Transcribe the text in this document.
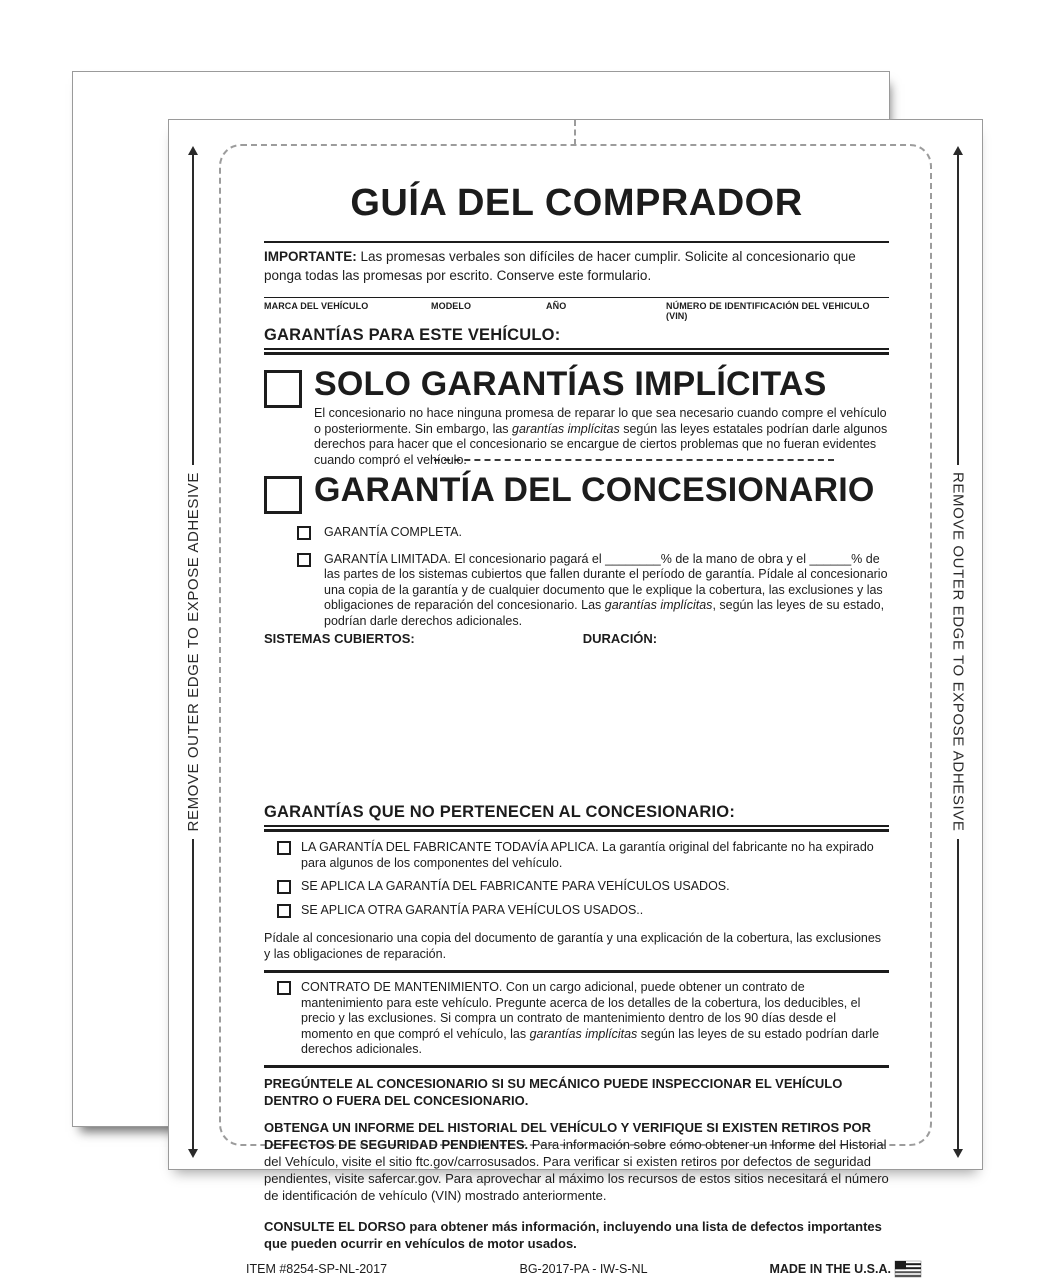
REMOVE OUTER EDGE TO EXPOSE ADHESIVE	REMOVE OUTER EDGE TO EXPOSE ADHESIVE
GUÍA DEL COMPRADOR

IMPORTANTE: Las promesas verbales son difíciles de hacer cumplir. Solicite al concesionario que ponga todas las promesas por escrito. Conserve este formulario.

MARCA DEL VEHÍCULO	MODELO	AÑO	NÚMERO DE IDENTIFICACIÓN DEL VEHICULO (VIN)
GARANTÍAS PARA ESTE VEHÍCULO:
SOLO GARANTÍAS IMPLÍCITAS

El concesionario no hace ninguna promesa de reparar lo que sea necesario cuando compre el vehículo o posteriormente. Sin embargo, las garantías implícitas según las leyes estatales podrían darle algunos derechos para hacer que el concesionario se encargue de ciertos problemas que no fueran evidentes cuando compró el vehículo.

GARANTÍA DEL CONCESIONARIO
GARANTÍA COMPLETA.
GARANTÍA LIMITADA. El concesionario pagará el ________% de la mano de obra y el ______% de las partes de los sistemas cubiertos que fallen durante el período de garantía. Pídale al concesionario una copia de la garantía y de cualquier documento que le explique la cobertura, las exclusiones y las obligaciones de reparación del concesionario. Las garantías implícitas, según las leyes de su estado, podrían darle derechos adicionales.
SISTEMAS CUBIERTOS:	DURACIÓN:
GARANTÍAS QUE NO PERTENECEN AL CONCESIONARIO:
LA GARANTÍA DEL FABRICANTE TODAVÍA APLICA. La garantía original del fabricante no ha expirado para algunos de los componentes del vehículo.
SE APLICA LA GARANTÍA DEL FABRICANTE PARA VEHÍCULOS USADOS.
SE APLICA OTRA GARANTÍA PARA VEHÍCULOS USADOS..

Pídale al concesionario una copia del documento de garantía y una explicación de la cobertura, las exclusiones y las obligaciones de reparación.

CONTRATO DE MANTENIMIENTO. Con un cargo adicional, puede obtener un contrato de mantenimiento para este vehículo. Pregunte acerca de los detalles de la cobertura, los deducibles, el precio y las exclusiones. Si compra un contrato de mantenimiento dentro de los 90 días desde el momento en que compró el vehículo, las garantías implícitas según las leyes de su estado podrían darle derechos adicionales.

PREGÚNTELE AL CONCESIONARIO SI SU MECÁNICO PUEDE INSPECCIONAR EL VEHÍCULO DENTRO O FUERA DEL CONCESIONARIO.

OBTENGA UN INFORME DEL HISTORIAL DEL VEHÍCULO Y VERIFIQUE SI EXISTEN RETIROS POR DEFECTOS DE SEGURIDAD PENDIENTES. Para información sobre cómo obtener un Informe del Historial del Vehículo, visite el sitio ftc.gov/carrosusados. Para verificar si existen retiros por defectos de seguridad pendientes, visite safercar.gov. Para aprovechar al máximo los recursos de estos sitios necesitará el número de identificación de vehículo (VIN) mostrado anteriormente.

CONSULTE EL DORSO para obtener más información, incluyendo una lista de defectos importantes que pueden ocurrir en vehículos de motor usados.

ITEM #8254-SP-NL-2017	BG-2017-PA - IW-S-NL	MADE IN THE U.S.A.
